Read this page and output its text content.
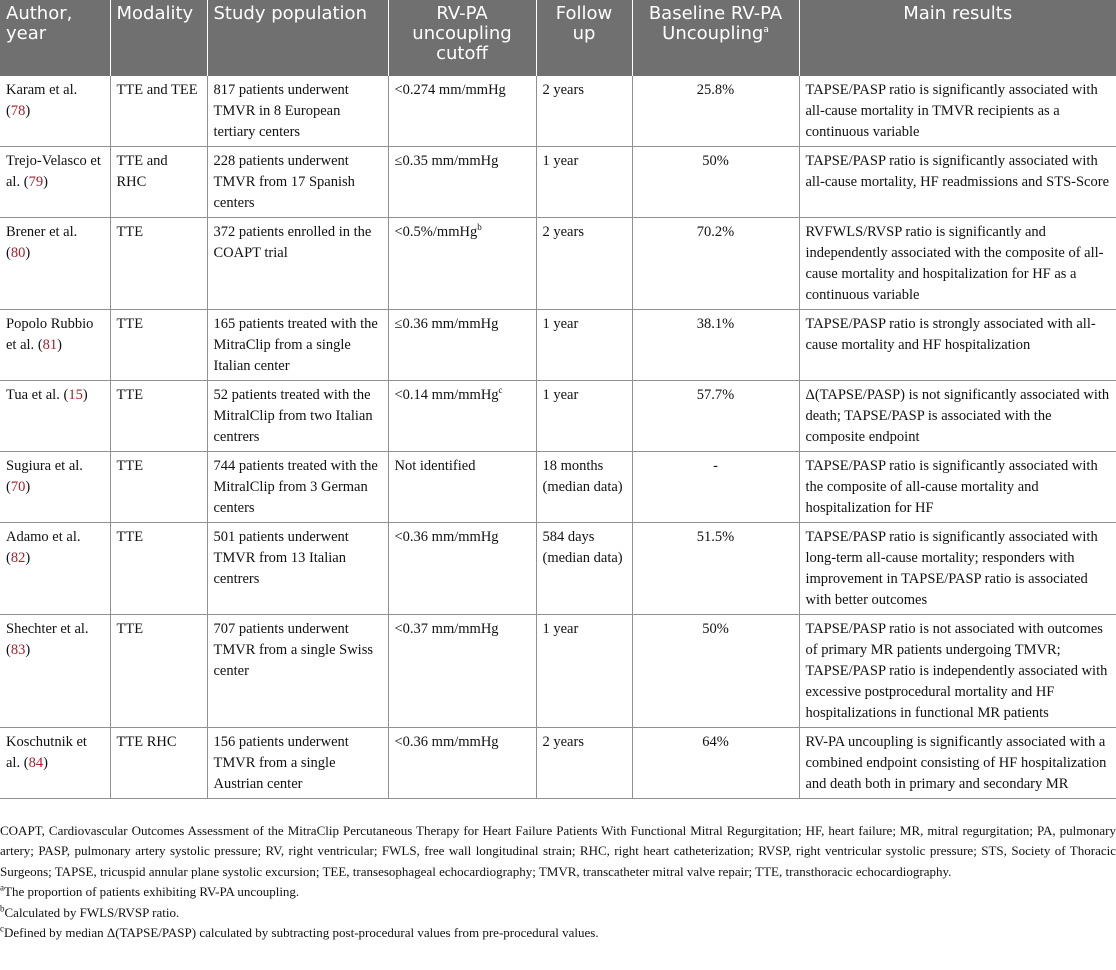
Author, year	Modality	Study population	RV-PA uncoupling cutoff	Follow up	Baseline RV-PA Uncoupling$^a$	Main results
Karam et al. (78)	TTE and TEE	817 patients underwent TMVR in 8 European tertiary centers	<0.274 mm/mmHg	2 years	25.8%	TAPSE/PASP ratio is significantly associated with all-cause mortality in TMVR recipients as a continuous variable
Trejo-Velasco et al. (79)	TTE and RHC	228 patients underwent TMVR from 17 Spanish centers	≤0.35 mm/mmHg	1 year	50%	TAPSE/PASP ratio is significantly associated with all-cause mortality, HF readmissions and STS-Score
Brener et al. (80)	TTE	372 patients enrolled in the COAPT trial	<0.5%/mmHg$^b$	2 years	70.2%	RVFWLS/RVSP ratio is significantly and independently associated with the composite of all-cause mortality and hospitalization for HF as a continuous variable
Popolo Rubbio et al. (81)	TTE	165 patients treated with the MitraClip from a single Italian center	≤0.36 mm/mmHg	1 year	38.1%	TAPSE/PASP ratio is strongly associated with all-cause mortality and HF hospitalization
Tua et al. (15)	TTE	52 patients treated with the MitralClip from two Italian centrers	<0.14 mm/mmHg$^c$	1 year	57.7%	Δ(TAPSE/PASP) is not significantly associated with death; TAPSE/PASP is associated with the composite endpoint
Sugiura et al. (70)	TTE	744 patients treated with the MitralClip from 3 German centers	Not identified	18 months (median data)	-	TAPSE/PASP ratio is significantly associated with the composite of all-cause mortality and hospitalization for HF
Adamo et al. (82)	TTE	501 patients underwent TMVR from 13 Italian centrers	<0.36 mm/mmHg	584 days (median data)	51.5%	TAPSE/PASP ratio is significantly associated with long-term all-cause mortality; responders with improvement in TAPSE/PASP ratio is associated with better outcomes
Shechter et al. (83)	TTE	707 patients underwent TMVR from a single Swiss center	<0.37 mm/mmHg	1 year	50%	TAPSE/PASP ratio is not associated with outcomes of primary MR patients undergoing TMVR; TAPSE/PASP ratio is independently associated with excessive postprocedural mortality and HF hospitalizations in functional MR patients
Koschutnik et al. (84)	TTE RHC	156 patients underwent TMVR from a single Austrian center	<0.36 mm/mmHg	2 years	64%	RV-PA uncoupling is significantly associated with a combined endpoint consisting of HF hospitalization and death both in primary and secondary MR

COAPT, Cardiovascular Outcomes Assessment of the MitraClip Percutaneous Therapy for Heart Failure Patients With Functional Mitral Regurgitation; HF, heart failure; MR, mitral regurgitation; PA, pulmonary artery; PASP, pulmonary artery systolic pressure; RV, right ventricular; FWLS, free wall longitudinal strain; RHC, right heart catheterization; RVSP, right ventricular systolic pressure; STS, Society of Thoracic Surgeons; TAPSE, tricuspid annular plane systolic excursion; TEE, transesophageal echocardiography; TMVR, transcatheter mitral valve repair; TTE, transthoracic echocardiography.

$^a$The proportion of patients exhibiting RV-PA uncoupling.

$^b$Calculated by FWLS/RVSP ratio.

$^c$Defined by median Δ(TAPSE/PASP) calculated by subtracting post-procedural values from pre-procedural values.
